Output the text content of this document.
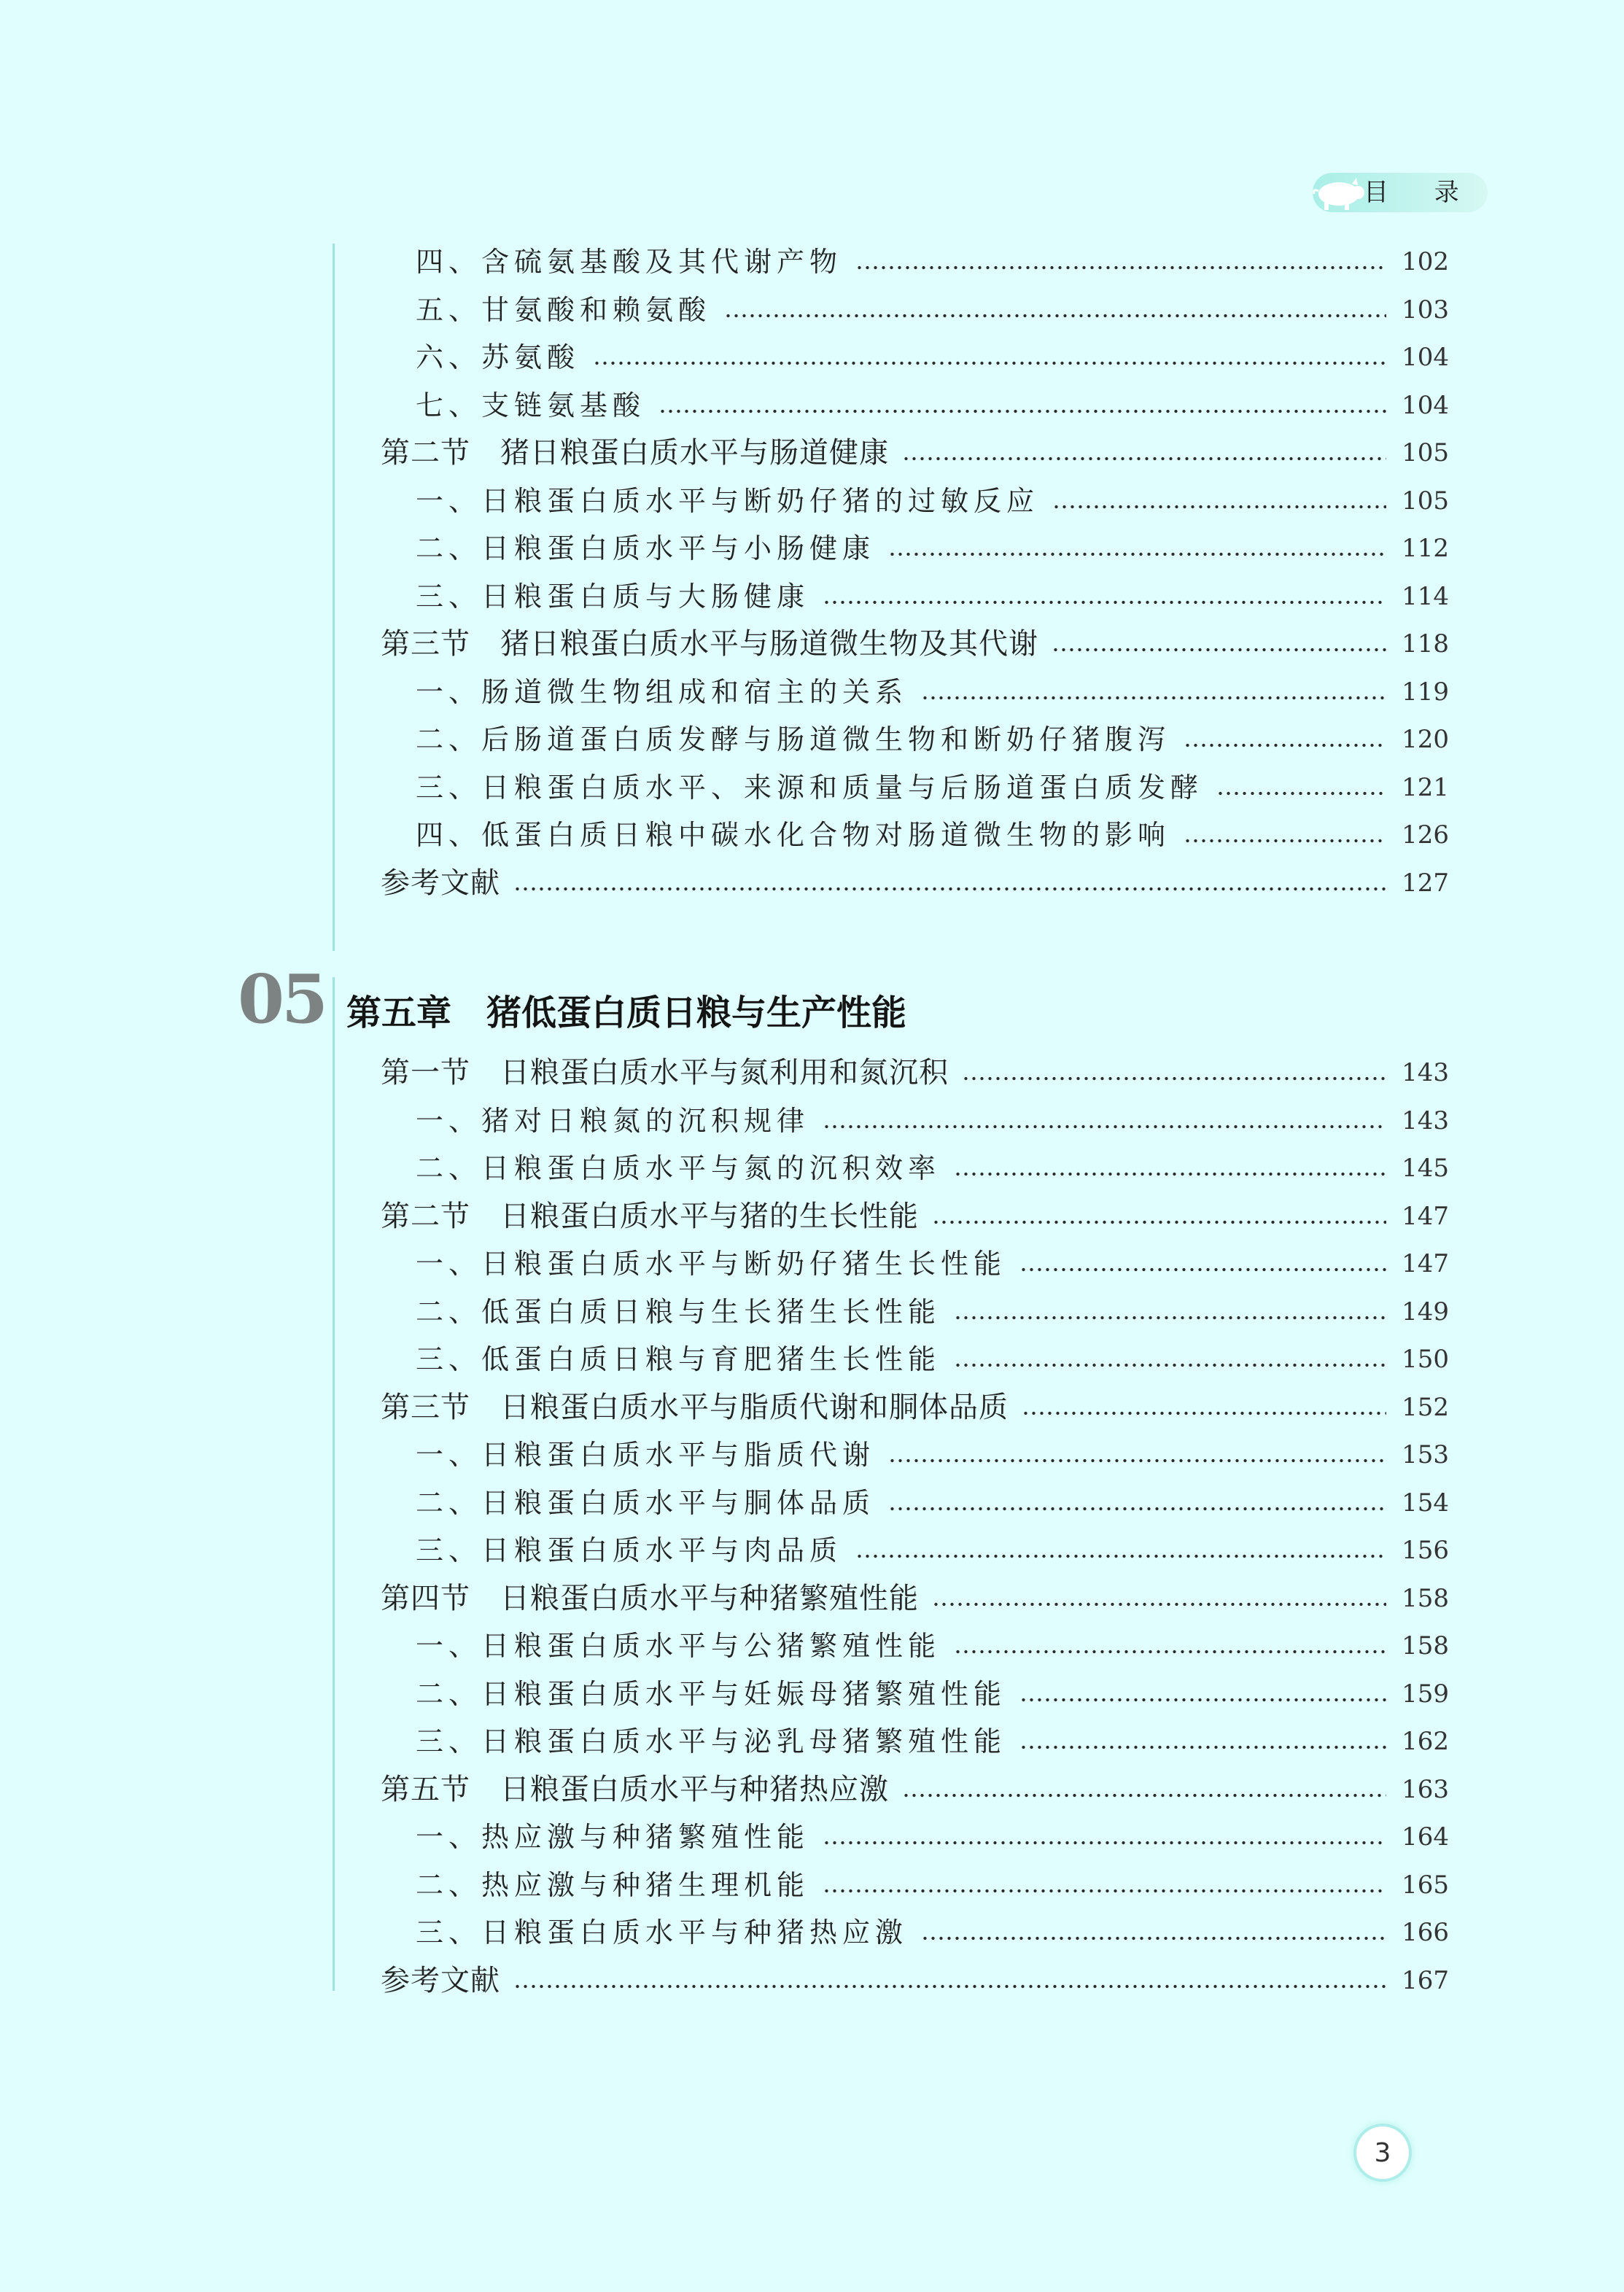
目 录
四、含硫氨基酸及其代谢产物	102
五、甘氨酸和赖氨酸	103
六、苏氨酸	104
七、支链氨基酸	104
第二节　猪日粮蛋白质水平与肠道健康	105
一、日粮蛋白质水平与断奶仔猪的过敏反应	105
二、日粮蛋白质水平与小肠健康	112
三、日粮蛋白质与大肠健康	114
第三节　猪日粮蛋白质水平与肠道微生物及其代谢	118
一、肠道微生物组成和宿主的关系	119
二、后肠道蛋白质发酵与肠道微生物和断奶仔猪腹泻	120
三、日粮蛋白质水平、来源和质量与后肠道蛋白质发酵	121
四、低蛋白质日粮中碳水化合物对肠道微生物的影响	126
参考文献	127
05 第五章　猪低蛋白质日粮与生产性能
第一节　日粮蛋白质水平与氮利用和氮沉积	143
一、猪对日粮氮的沉积规律	143
二、日粮蛋白质水平与氮的沉积效率	145
第二节　日粮蛋白质水平与猪的生长性能	147
一、日粮蛋白质水平与断奶仔猪生长性能	147
二、低蛋白质日粮与生长猪生长性能	149
三、低蛋白质日粮与育肥猪生长性能	150
第三节　日粮蛋白质水平与脂质代谢和胴体品质	152
一、日粮蛋白质水平与脂质代谢	153
二、日粮蛋白质水平与胴体品质	154
三、日粮蛋白质水平与肉品质	156
第四节　日粮蛋白质水平与种猪繁殖性能	158
一、日粮蛋白质水平与公猪繁殖性能	158
二、日粮蛋白质水平与妊娠母猪繁殖性能	159
三、日粮蛋白质水平与泌乳母猪繁殖性能	162
第五节　日粮蛋白质水平与种猪热应激	163
一、热应激与种猪繁殖性能	164
二、热应激与种猪生理机能	165
三、日粮蛋白质水平与种猪热应激	166
参考文献	167
3
